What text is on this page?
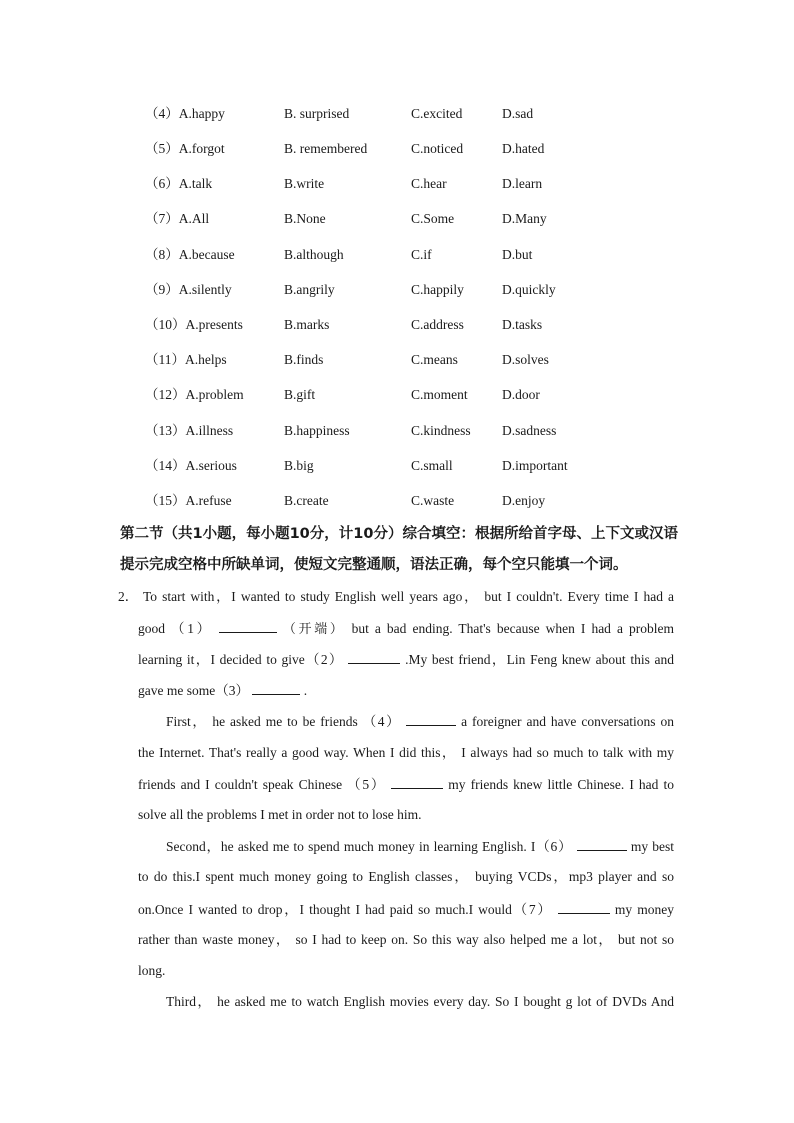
（4）A.happy	B. surprised	C.excited	D.sad
（5）A.forgot	B. remembered	C.noticed	D.hated
（6）A.talk	B.write	C.hear	D.learn
（7）A.All	B.None	C.Some	D.Many
（8）A.because	B.although	C.if	D.but
（9）A.silently	B.angrily	C.happily	D.quickly
（10）A.presents	B.marks	C.address	D.tasks
（11）A.helps	B.finds	C.means	D.solves
（12）A.problem	B.gift	C.moment	D.door
（13）A.illness	B.happiness	C.kindness D.sadness
（14）A.serious	B.big	C.small	D.important
（15）A.refuse	B.create	C.waste	D.enjoy
第二节（共1小题，每小题10分，计10分）综合填空：根据所给首字母、上下文或汉语
提示完成空格中所缺单词，使短文完整通顺，语法正确，每个空只能填一个词。
2． To start with，I wanted to study English well years ago， but I couldn't. Every time I had a
good （1）	（开端） but a bad ending. That's because when I had a problem
learning it，I decided to give（2）	.My best friend，Lin Feng knew about this and
gave me some（3）	.
First， he asked me to be friends （4）	a foreigner and have conversations on
the Internet. That's really a good way. When I did this， I always had so much to talk with my
friends and I couldn't speak Chinese （5）	my friends knew little Chinese. I had to
solve all the problems I met in order not to lose him.
Second，he asked me to spend much money in learning English. I（6）	my best
to do this.I spent much money going to English classes， buying VCDs，mp3 player and so
on.Once I wanted to drop，I thought I had paid so much.I would（7）	my money
rather than waste money， so I had to keep on. So this way also helped me a lot， but not so
long.
Third， he asked me to watch English movies every day. So I bought g lot of DVDs And
